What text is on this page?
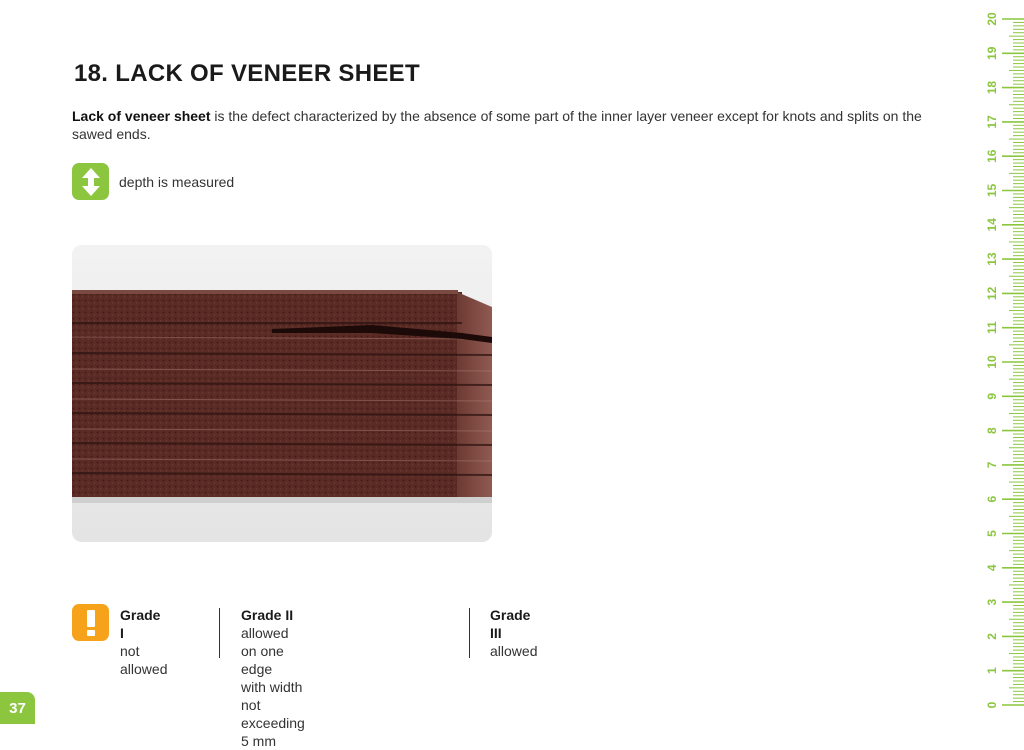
18. LACK OF VENEER SHEET
Lack of veneer sheet is the defect characterized by the absence of some part of the inner layer veneer except for knots and splits on the sawed ends.
depth is measured
Grade I
not allowed
Grade II
allowed on one edge
with width not exceeding 5 mm
Grade III
allowed
37	0
1
2
3
4
5
6
7
8
9
10
11
12
13
14
15
16
17
18
19
20
